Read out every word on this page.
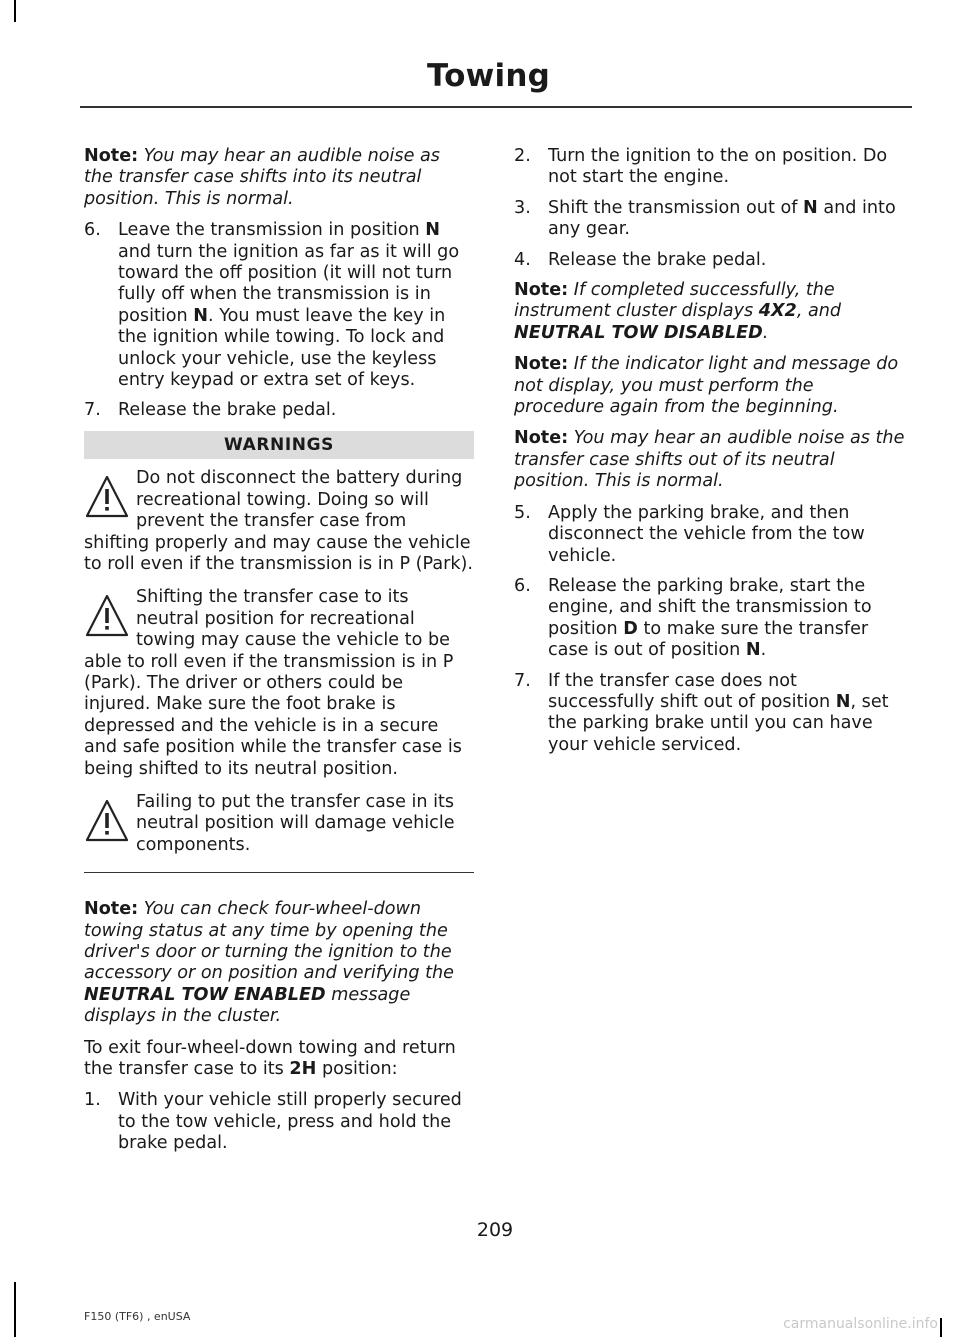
Towing

Note: You may hear an audible noise as the transfer case shifts into its neutral position. This is normal.

6. Leave the transmission in position N and turn the ignition as far as it will go toward the off position (it will not turn fully off when the transmission is in position N. You must leave the key in the ignition while towing. To lock and unlock your vehicle, use the keyless entry keypad or extra set of keys.
7. Release the brake pedal.
WARNINGS
Do not disconnect the battery during recreational towing. Doing so will prevent the transfer case from shifting properly and may cause the vehicle to roll even if the transmission is in P (Park).
Shifting the transfer case to its neutral position for recreational towing may cause the vehicle to be able to roll even if the transmission is in P (Park). The driver or others could be injured. Make sure the foot brake is depressed and the vehicle is in a secure and safe position while the transfer case is being shifted to its neutral position.
Failing to put the transfer case in its neutral position will damage vehicle components.

Note: You can check four-wheel-down towing status at any time by opening the driver's door or turning the ignition to the accessory or on position and verifying the NEUTRAL TOW ENABLED message displays in the cluster.

To exit four-wheel-down towing and return the transfer case to its 2H position:

1. With your vehicle still properly secured to the tow vehicle, press and hold the brake pedal.
2. Turn the ignition to the on position. Do not start the engine.
3. Shift the transmission out of N and into any gear.
4. Release the brake pedal.

Note: If completed successfully, the instrument cluster displays 4X2, and NEUTRAL TOW DISABLED.

Note: If the indicator light and message do not display, you must perform the procedure again from the beginning.

Note: You may hear an audible noise as the transfer case shifts out of its neutral position. This is normal.

5. Apply the parking brake, and then disconnect the vehicle from the tow vehicle.
6. Release the parking brake, start the engine, and shift the transmission to position D to make sure the transfer case is out of position N.
7. If the transfer case does not successfully shift out of position N, set the parking brake until you can have your vehicle serviced.
209
F150 (TF6) , enUSA	carmanualsonline.info
